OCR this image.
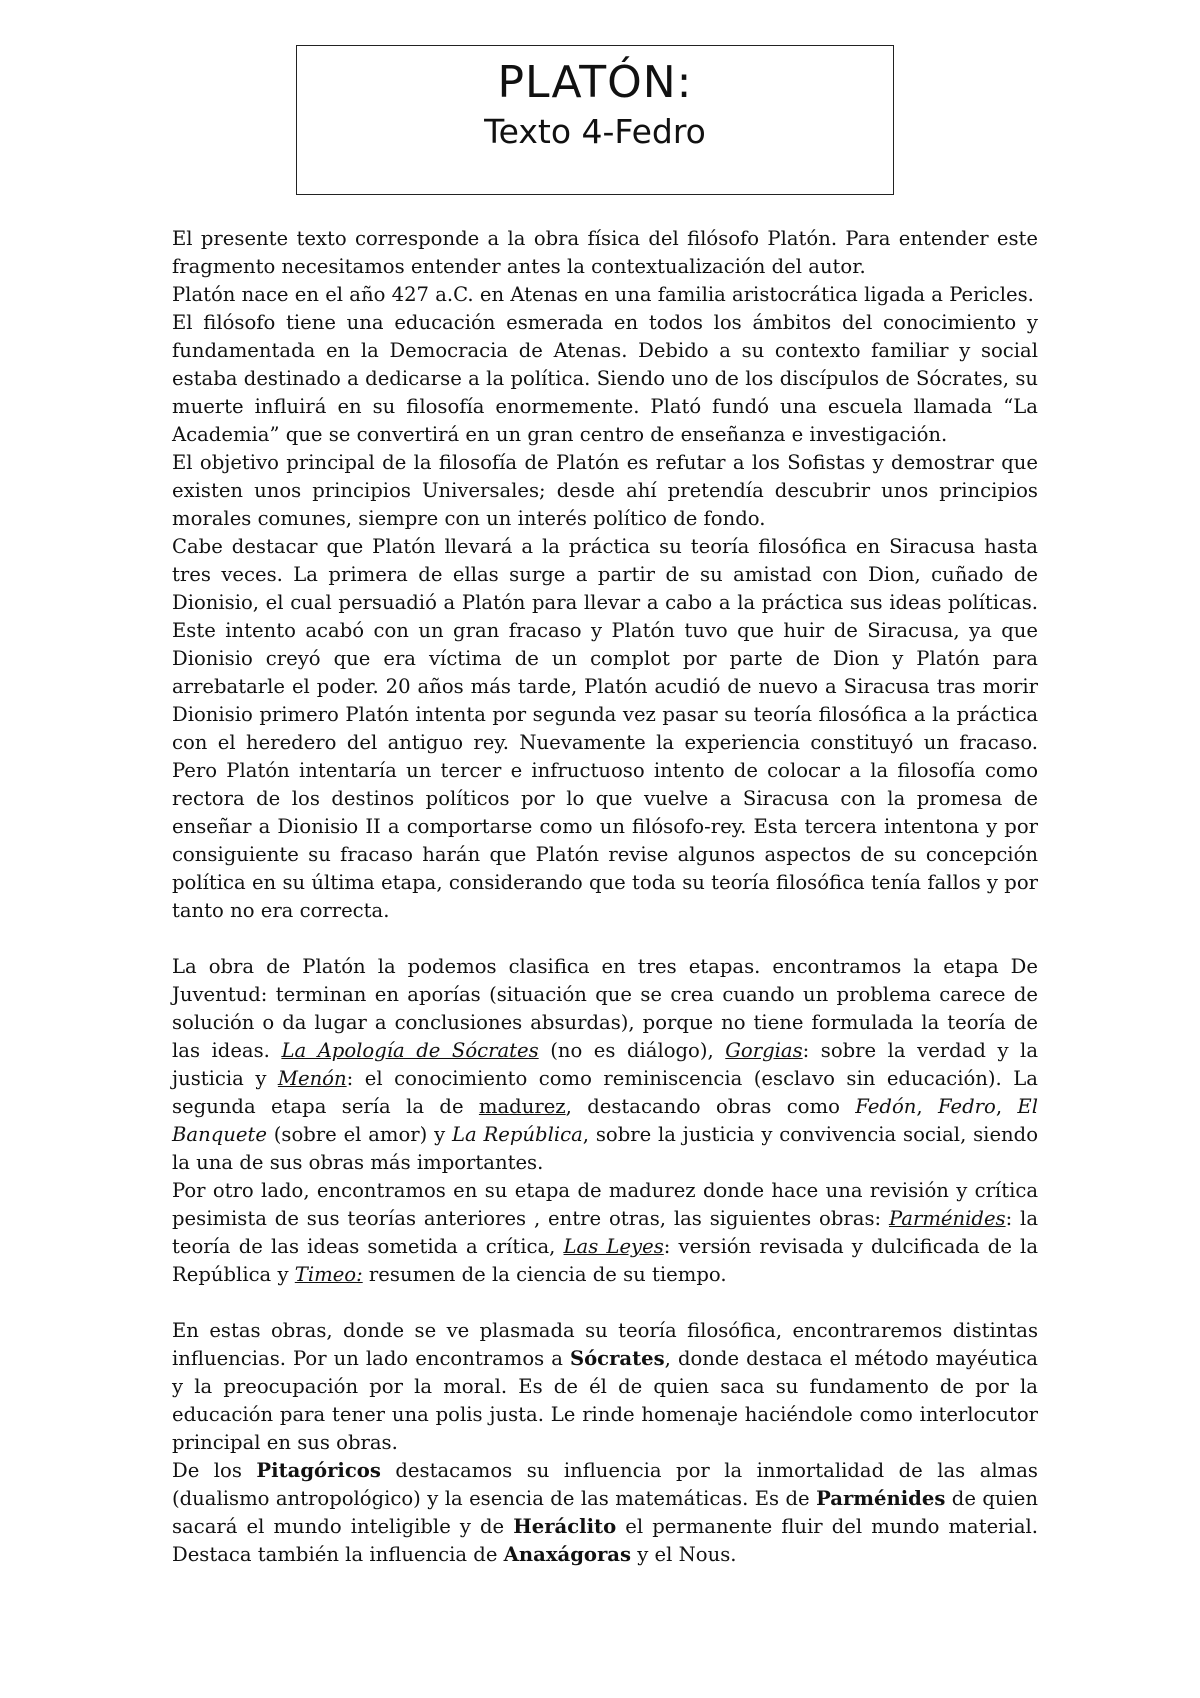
PLATÓN:
Texto 4-Fedro

El presente texto corresponde a la obra física del filósofo Platón. Para entender este fragmento necesitamos entender antes la contextualización del autor.

Platón nace en el año 427 a.C. en Atenas en una familia aristocrática ligada a Pericles.

El filósofo tiene una educación esmerada en todos los ámbitos del conocimiento y fundamentada en la Democracia de Atenas. Debido a su contexto familiar y social estaba destinado a dedicarse a la política. Siendo uno de los discípulos de Sócrates, su muerte influirá en su filosofía enormemente. Plató fundó una escuela llamada “La Academia” que se convertirá en un gran centro de enseñanza e investigación.

El objetivo principal de la filosofía de Platón es refutar a los Sofistas y demostrar que existen unos principios Universales; desde ahí pretendía descubrir unos principios morales comunes, siempre con un interés político de fondo.

Cabe destacar que Platón llevará a la práctica su teoría filosófica en Siracusa hasta tres veces. La primera de ellas surge a partir de su amistad con Dion, cuñado de Dionisio, el cual persuadió a Platón para llevar a cabo a la práctica sus ideas políticas. Este intento acabó con un gran fracaso y Platón tuvo que huir de Siracusa, ya que Dionisio creyó que era víctima de un complot por parte de Dion y Platón para arrebatarle el poder. 20 años más tarde, Platón acudió de nuevo a Siracusa tras morir Dionisio primero Platón intenta por segunda vez pasar su teoría filosófica a la práctica con el heredero del antiguo rey. Nuevamente la experiencia constituyó un fracaso. Pero Platón intentaría un tercer e infructuoso intento de colocar a la filosofía como rectora de los destinos políticos por lo que vuelve a Siracusa con la promesa de enseñar a Dionisio II a comportarse como un filósofo-rey. Esta tercera intentona y por consiguiente su fracaso harán que Platón revise algunos aspectos de su concepción política en su última etapa, considerando que toda su teoría filosófica tenía fallos y por tanto no era correcta.

La obra de Platón la podemos clasifica en tres etapas. encontramos la etapa De Juventud: terminan en aporías (situación que se crea cuando un problema carece de solución o da lugar a conclusiones absurdas), porque no tiene formulada la teoría de las ideas. La Apología de Sócrates (no es diálogo), Gorgias: sobre la verdad y la justicia y Menón: el conocimiento como reminiscencia (esclavo sin educación). La segunda etapa sería la de madurez, destacando obras como Fedón, Fedro, El Banquete (sobre el amor) y La República, sobre la justicia y convivencia social, siendo la una de sus obras más importantes.

Por otro lado, encontramos en su etapa de madurez donde hace una revisión y crítica pesimista de sus teorías anteriores , entre otras, las siguientes obras: Parménides: la teoría de las ideas sometida a crítica, Las Leyes: versión revisada y dulcificada de la República y Timeo: resumen de la ciencia de su tiempo.

En estas obras, donde se ve plasmada su teoría filosófica, encontraremos distintas influencias. Por un lado encontramos a Sócrates, donde destaca el método mayéutica y la preocupación por la moral. Es de él de quien saca su fundamento de por la educación para tener una polis justa. Le rinde homenaje haciéndole como interlocutor principal en sus obras.

De los Pitagóricos destacamos su influencia por la inmortalidad de las almas (dualismo antropológico) y la esencia de las matemáticas. Es de Parménides de quien sacará el mundo inteligible y de Heráclito el permanente fluir del mundo material. Destaca también la influencia de Anaxágoras y el Nous.
